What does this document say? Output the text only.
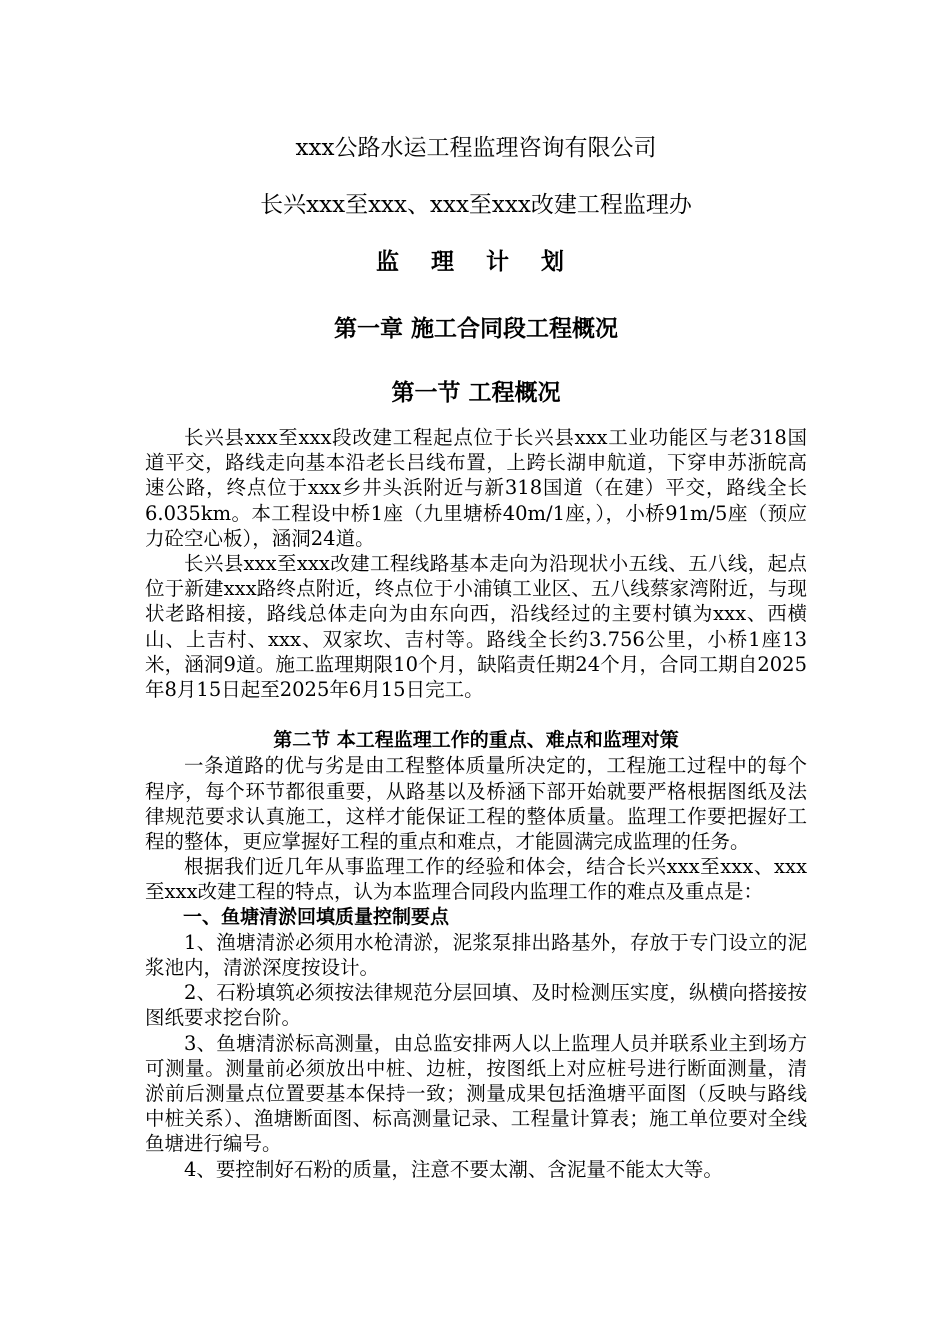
xxx公路水运工程监理咨询有限公司

长兴xxx至xxx、xxx至xxx改建工程监理办

监 理 计 划

第一章 施工合同段工程概况

第一节 工程概况

长兴县xxx至xxx段改建工程起点位于长兴县xxx工业功能区与老318国道平交，路线走向基本沿老长吕线布置，上跨长湖申航道，下穿申苏浙皖高速公路，终点位于xxx乡井头浜附近与新318国道（在建）平交，路线全长6.035km。本工程设中桥1座（九里塘桥40m/1座，），小桥91m/5座（预应力砼空心板），涵洞24道。

长兴县xxx至xxx改建工程线路基本走向为沿现状小五线、五八线，起点位于新建xxx路终点附近，终点位于小浦镇工业区、五八线蔡家湾附近，与现状老路相接，路线总体走向为由东向西，沿线经过的主要村镇为xxx、西横山、上吉村、xxx、双家坎、吉村等。路线全长约3.756公里，小桥1座13米，涵洞9道。施工监理期限10个月，缺陷责任期24个月，合同工期自2025年8月15日起至2025年6月15日完工。

第二节 本工程监理工作的重点、难点和监理对策

一条道路的优与劣是由工程整体质量所决定的，工程施工过程中的每个程序，每个环节都很重要，从路基以及桥涵下部开始就要严格根据图纸及法律规范要求认真施工，这样才能保证工程的整体质量。监理工作要把握好工程的整体，更应掌握好工程的重点和难点，才能圆满完成监理的任务。

根据我们近几年从事监理工作的经验和体会，结合长兴xxx至xxx、xxx至xxx改建工程的特点，认为本监理合同段内监理工作的难点及重点是：

一、鱼塘清淤回填质量控制要点

1、渔塘清淤必须用水枪清淤，泥浆泵排出路基外，存放于专门设立的泥浆池内，清淤深度按设计。

2、石粉填筑必须按法律规范分层回填、及时检测压实度，纵横向搭接按图纸要求挖台阶。

3、鱼塘清淤标高测量，由总监安排两人以上监理人员并联系业主到场方可测量。测量前必须放出中桩、边桩，按图纸上对应桩号进行断面测量，清淤前后测量点位置要基本保持一致；测量成果包括渔塘平面图（反映与路线中桩关系）、渔塘断面图、标高测量记录、工程量计算表；施工单位要对全线鱼塘进行编号。

4、要控制好石粉的质量，注意不要太潮、含泥量不能太大等。
